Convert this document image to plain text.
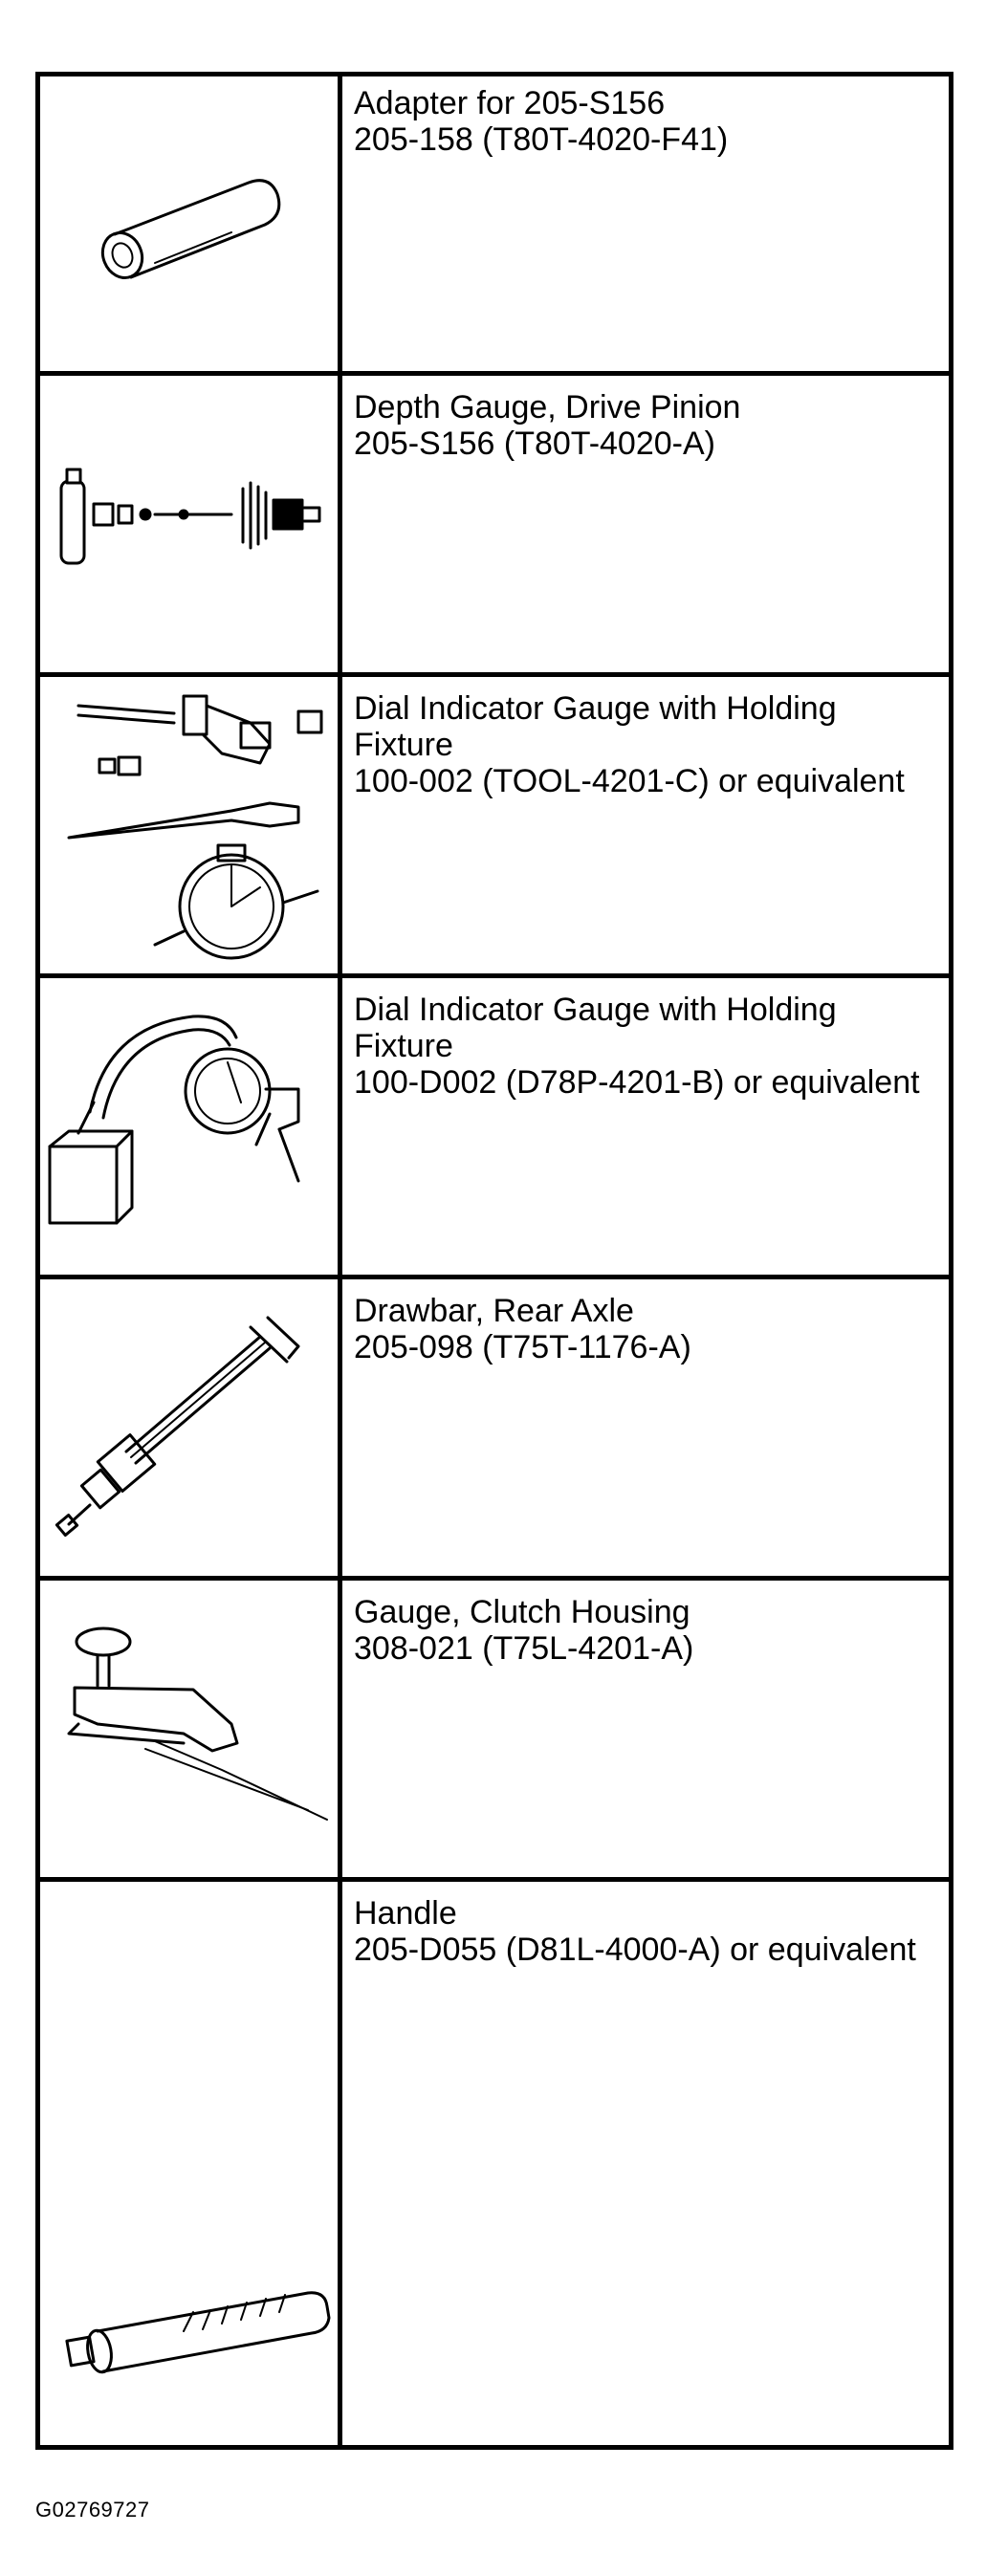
Adapter for 205-S156
205-158 (T80T-4020-F41)
Depth Gauge, Drive Pinion
205-S156 (T80T-4020-A)
Dial Indicator Gauge with Holding Fixture
100-002 (TOOL-4201-C) or equivalent
Dial Indicator Gauge with Holding Fixture
100-D002 (D78P-4201-B) or equivalent
Drawbar, Rear Axle
205-098 (T75T-1176-A)
Gauge, Clutch Housing
308-021 (T75L-4201-A)
Handle
205-D055 (D81L-4000-A) or equivalent
G02769727
